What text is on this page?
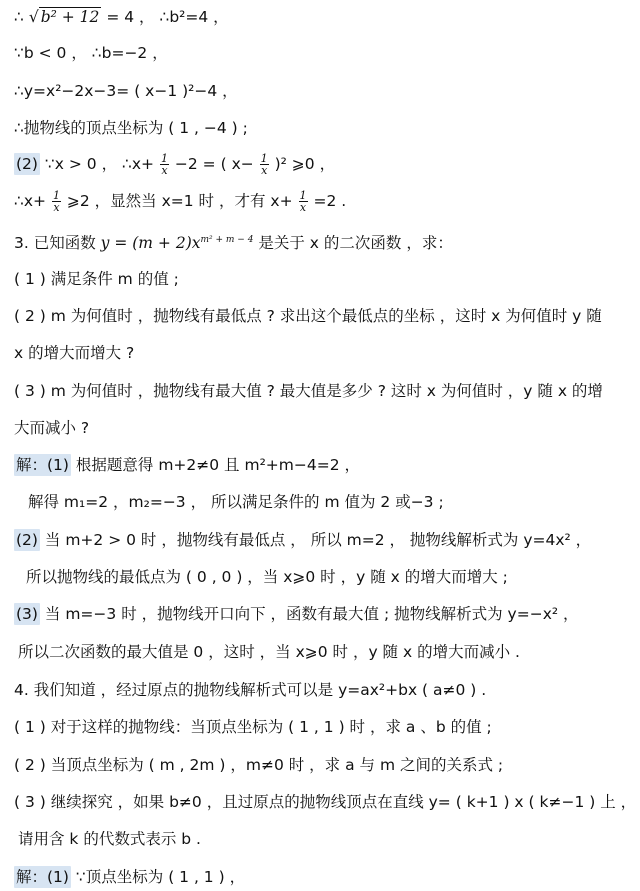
∴ √ b² + 12 = 4 ， ∴b²=4 ，
∵b < 0 ， ∴b=−2 ，
∴y=x²−2x−3= ( x−1 )²−4 ，
∴抛物线的顶点坐标为 ( 1 , −4 ) ;
(2) ∵x > 0 ， ∴x+ $\frac{1}{x} -2$ = ( $x- \frac{1}{x} )^2$ ⩾0 ，
∴x+ $\frac{1}{x}$ ⩾2 ，显然当 x=1 时 ，才有 $x+ \frac{1}{x} =2$ .
3. 已知函数 $y = (m + 2)x^{m^2 + m - 4}$ 是关于 x 的二次函数 ，求：
( 1 ) 满足条件 m 的值 ;
( 2 ) m 为何值时 ，抛物线有最低点 ? 求出这个最低点的坐标 ，这时 x 为何值时 y 随
x 的增大而增大 ?
( 3 ) m 为何值时 ，抛物线有最大值 ? 最大值是多少 ? 这时 x 为何值时 ，y 随 x 的增
大而减小 ?
解：(1) 根据题意得 m+2≠0 且 m²+m−4=2 ，
解得 m₁=2 ，m₂=−3 ， 所以满足条件的 m 值为 2 或−3 ;
(2) 当 m+2 > 0 时 ，抛物线有最低点 ， 所以 m=2 ， 抛物线解析式为 y=4x² ，
所以抛物线的最低点为 ( 0 , 0 ) ，当 x⩾0 时 ，y 随 x 的增大而增大 ;
(3) 当 m=−3 时 ，抛物线开口向下 ，函数有最大值 ; 抛物线解析式为 y=−x² ，
所以二次函数的最大值是 0 ，这时 ，当 x⩾0 时 ，y 随 x 的增大而减小 .
4. 我们知道 ，经过原点的抛物线解析式可以是 y=ax²+bx ( a≠0 ) .
( 1 ) 对于这样的抛物线：当顶点坐标为 ( 1 , 1 ) 时 ，求 a 、b 的值 ;
( 2 ) 当顶点坐标为 ( m , 2m ) ，m≠0 时 ，求 a 与 m 之间的关系式 ;
( 3 ) 继续探究 ，如果 b≠0 ，且过原点的抛物线顶点在直线 y= ( k+1 ) x ( k≠−1 ) 上 ，
请用含 k 的代数式表示 b .
解：(1) ∵顶点坐标为 ( 1 , 1 ) ，
